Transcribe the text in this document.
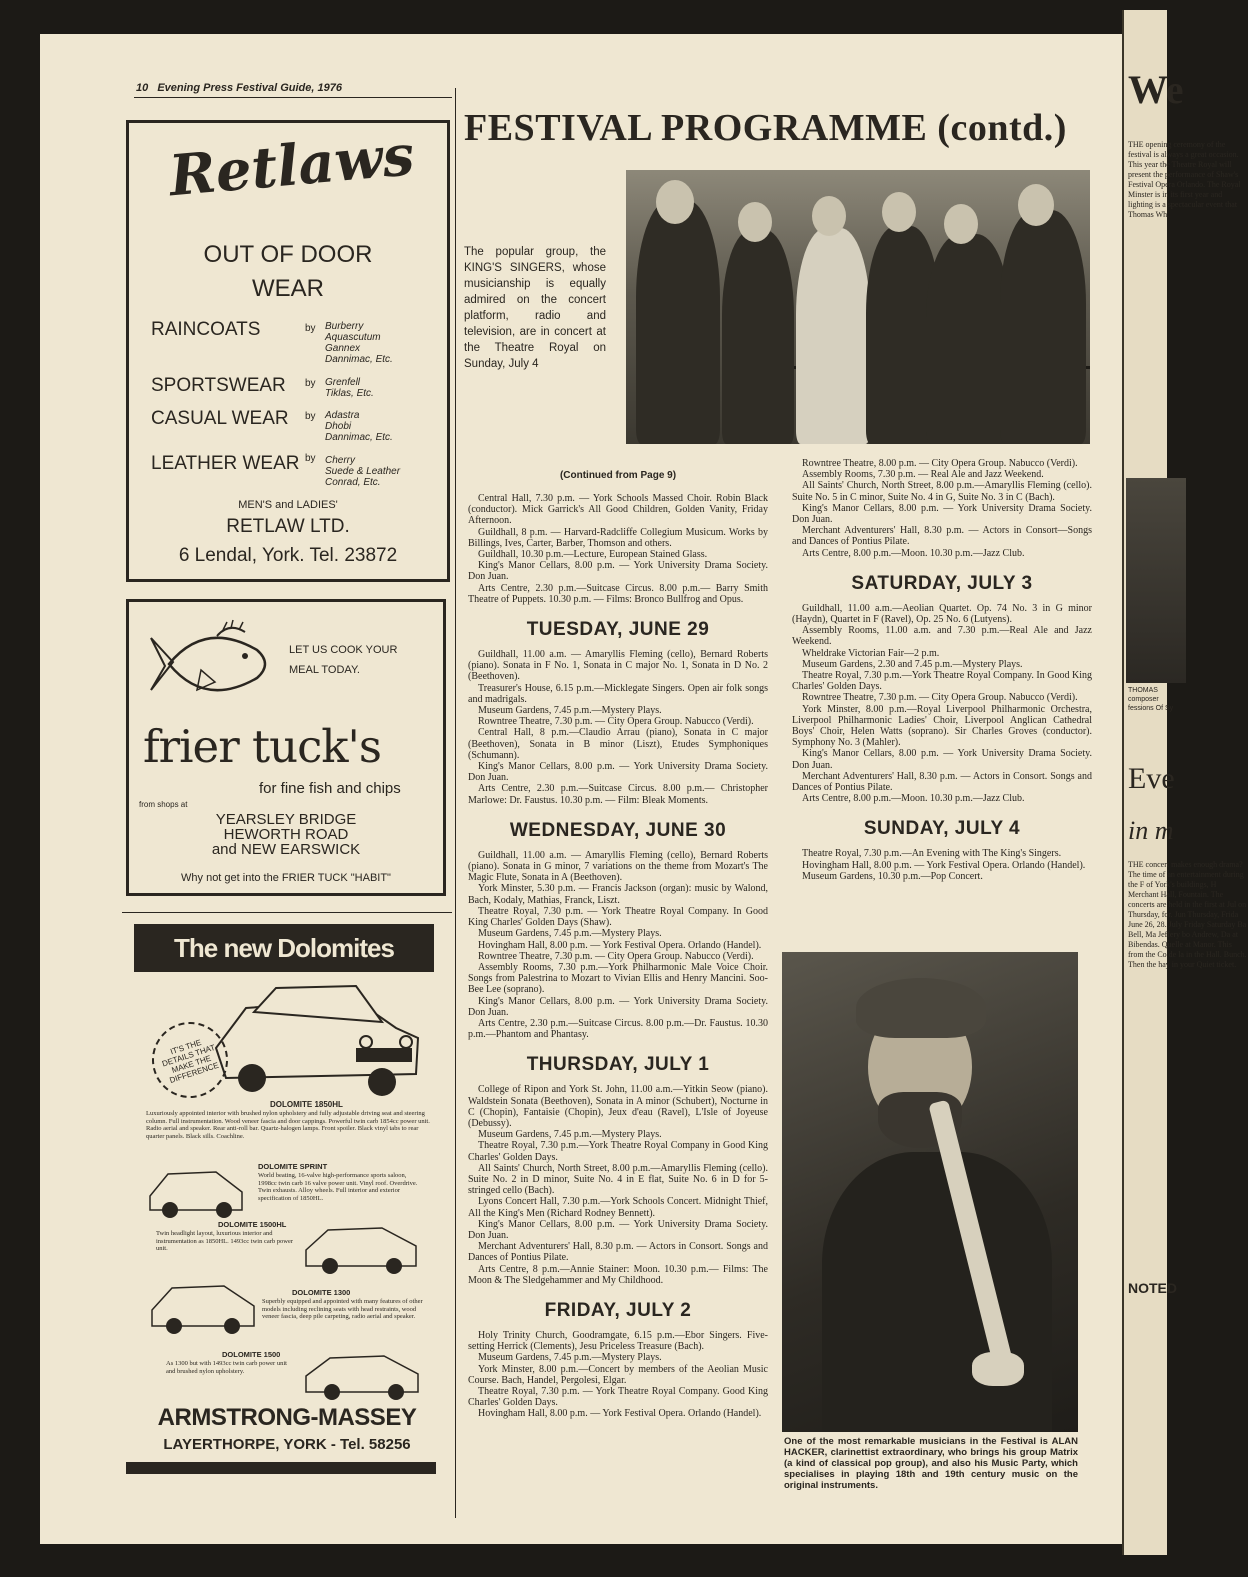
10 Evening Press Festival Guide, 1976
FESTIVAL PROGRAMME (contd.)
Retlaws
OUT OF DOOR
WEAR
RAINCOATS	by Burberry
Aquascutum
Gannex
Dannimac, Etc.
SPORTSWEAR by Grenfell
Tiklas, Etc.
CASUAL WEAR by Adastra
Dhobi
Dannimac, Etc.
LEATHER WEAR by Cherry
Suede & Leather
Conrad, Etc.
MEN'S and LADIES'
RETLAW LTD.
6 Lendal, York. Tel. 23872
LET US COOK YOUR
MEAL TODAY.
frier tuck's
for fine fish and chips
from shops at
YEARSLEY BRIDGE
HEWORTH ROAD
and NEW EARSWICK
Why not get into the FRIER TUCK "HABIT"
The new Dolomites
IT'S THE DETAILS THAT MAKE THE DIFFERENCE
DOLOMITE 1850HL
Luxuriously appointed interior with brushed nylon upholstery and fully adjustable driving seat and steering column. Full instrumentation. Wood veneer fascia and door cappings. Powerful twin carb 1854cc power unit. Radio aerial and speaker. Rear anti-roll bar. Quartz-halogen lamps. Front spoiler. Black vinyl tabs to rear quarter panels. Black sills. Coachline.
DOLOMITE SPRINT
World beating, 16-valve high-performance sports saloon, 1998cc twin carb 16 valve power unit. Vinyl roof. Overdrive. Twin exhausts. Alloy wheels. Full interior and exterior specification of 1850HL.
DOLOMITE 1500HL
Twin headlight layout, luxurious interior and instrumentation as 1850HL. 1493cc twin carb power unit.
DOLOMITE 1300
Superbly equipped and appointed with many features of other models including reclining seats with head restraints, wood veneer fascia, deep pile carpeting, radio aerial and speaker.
DOLOMITE 1500
As 1300 but with 1493cc twin carb power unit and brushed nylon upholstery.
ARMSTRONG-MASSEY
LAYERTHORPE, YORK - Tel. 58256
The popular group, the KING'S SINGERS, whose musicianship is equally admired on the concert platform, radio and television, are in concert at the Theatre Royal on Sunday, July 4
(Continued from Page 9)

Central Hall, 7.30 p.m. — York Schools Massed Choir. Robin Black (conductor). Mick Garrick's All Good Children, Golden Vanity, Friday Afternoon.

Guildhall, 8 p.m. — Harvard-Radcliffe Collegium Musicum. Works by Billings, Ives, Carter, Barber, Thomson and others.

Guildhall, 10.30 p.m.—Lecture, European Stained Glass.

King's Manor Cellars, 8.00 p.m. — York University Drama Society. Don Juan.

Arts Centre, 2.30 p.m.—Suitcase Circus. 8.00 p.m.— Barry Smith Theatre of Puppets. 10.30 p.m. — Films: Bronco Bullfrog and Opus.

TUESDAY, JUNE 29

Guildhall, 11.00 a.m. — Amaryllis Fleming (cello), Bernard Roberts (piano). Sonata in F No. 1, Sonata in C major No. 1, Sonata in D No. 2 (Beethoven).

Treasurer's House, 6.15 p.m.—Micklegate Singers. Open air folk songs and madrigals.

Museum Gardens, 7.45 p.m.—Mystery Plays.

Rowntree Theatre, 7.30 p.m. — City Opera Group. Nabucco (Verdi).

Central Hall, 8 p.m.—Claudio Arrau (piano), Sonata in C major (Beethoven), Sonata in B minor (Liszt), Etudes Symphoniques (Schumann).

King's Manor Cellars, 8.00 p.m. — York University Drama Society. Don Juan.

Arts Centre, 2.30 p.m.—Suitcase Circus. 8.00 p.m.— Christopher Marlowe: Dr. Faustus. 10.30 p.m. — Film: Bleak Moments.

WEDNESDAY, JUNE 30

Guildhall, 11.00 a.m. — Amaryllis Fleming (cello), Bernard Roberts (piano). Sonata in G minor, 7 variations on the theme from Mozart's The Magic Flute, Sonata in A (Beethoven).

York Minster, 5.30 p.m. — Francis Jackson (organ): music by Walond, Bach, Kodaly, Mathias, Franck, Liszt.

Theatre Royal, 7.30 p.m. — York Theatre Royal Company. In Good King Charles' Golden Days (Shaw).

Museum Gardens, 7.45 p.m.—Mystery Plays.

Hovingham Hall, 8.00 p.m. — York Festival Opera. Orlando (Handel).

Rowntree Theatre, 7.30 p.m. — City Opera Group. Nabucco (Verdi).

Assembly Rooms, 7.30 p.m.—York Philharmonic Male Voice Choir. Songs from Palestrina to Mozart to Vivian Ellis and Henry Mancini. Soo-Bee Lee (soprano).

King's Manor Cellars, 8.00 p.m. — York University Drama Society. Don Juan.

Arts Centre, 2.30 p.m.—Suitcase Circus. 8.00 p.m.—Dr. Faustus. 10.30 p.m.—Phantom and Phantasy.

THURSDAY, JULY 1

College of Ripon and York St. John, 11.00 a.m.—Yitkin Seow (piano). Waldstein Sonata (Beethoven), Sonata in A minor (Schubert), Nocturne in C (Chopin), Fantaisie (Chopin), Jeux d'eau (Ravel), L'Isle of Joyeuse (Debussy).

Museum Gardens, 7.45 p.m.—Mystery Plays.

Theatre Royal, 7.30 p.m.—York Theatre Royal Company in Good King Charles' Golden Days.

All Saints' Church, North Street, 8.00 p.m.—Amaryllis Fleming (cello). Suite No. 2 in D minor, Suite No. 4 in E flat, Suite No. 6 in D for 5-stringed cello (Bach).

Lyons Concert Hall, 7.30 p.m.—York Schools Concert. Midnight Thief, All the King's Men (Richard Rodney Bennett).

King's Manor Cellars, 8.00 p.m. — York University Drama Society. Don Juan.

Merchant Adventurers' Hall, 8.30 p.m. — Actors in Consort. Songs and Dances of Pontius Pilate.

Arts Centre, 8 p.m.—Annie Stainer: Moon. 10.30 p.m.— Films: The Moon & The Sledgehammer and My Childhood.

FRIDAY, JULY 2

Holy Trinity Church, Goodramgate, 6.15 p.m.—Ebor Singers. Five-setting Herrick (Clements), Jesu Priceless Treasure (Bach).

Museum Gardens, 7.45 p.m.—Mystery Plays.

York Minster, 8.00 p.m.—Concert by members of the Aeolian Music Course. Bach, Handel, Pergolesi, Elgar.

Theatre Royal, 7.30 p.m. — York Theatre Royal Company. Good King Charles' Golden Days.

Hovingham Hall, 8.00 p.m. — York Festival Opera. Orlando (Handel).

Rowntree Theatre, 8.00 p.m. — City Opera Group. Nabucco (Verdi).

Assembly Rooms, 7.30 p.m. — Real Ale and Jazz Weekend.

All Saints' Church, North Street, 8.00 p.m.—Amaryllis Fleming (cello). Suite No. 5 in C minor, Suite No. 4 in G, Suite No. 3 in C (Bach).

King's Manor Cellars, 8.00 p.m. — York University Drama Society. Don Juan.

Merchant Adventurers' Hall, 8.30 p.m. — Actors in Consort—Songs and Dances of Pontius Pilate.

Arts Centre, 8.00 p.m.—Moon. 10.30 p.m.—Jazz Club.

SATURDAY, JULY 3

Guildhall, 11.00 a.m.—Aeolian Quartet. Op. 74 No. 3 in G minor (Haydn), Quartet in F (Ravel), Op. 25 No. 6 (Lutyens).

Assembly Rooms, 11.00 a.m. and 7.30 p.m.—Real Ale and Jazz Weekend.

Wheldrake Victorian Fair—2 p.m.

Museum Gardens, 2.30 and 7.45 p.m.—Mystery Plays.

Theatre Royal, 7.30 p.m.—York Theatre Royal Company. In Good King Charles' Golden Days.

Rowntree Theatre, 7.30 p.m. — City Opera Group. Nabucco (Verdi).

York Minster, 8.00 p.m.—Royal Liverpool Philharmonic Orchestra, Liverpool Philharmonic Ladies' Choir, Liverpool Anglican Cathedral Boys' Choir, Helen Watts (soprano). Sir Charles Groves (conductor). Symphony No. 3 (Mahler).

King's Manor Cellars, 8.00 p.m. — York University Drama Society. Don Juan.

Merchant Adventurers' Hall, 8.30 p.m. — Actors in Consort. Songs and Dances of Pontius Pilate.

Arts Centre, 8.00 p.m.—Moon. 10.30 p.m.—Jazz Club.

SUNDAY, JULY 4

Theatre Royal, 7.30 p.m.—An Evening with The King's Singers.

Hovingham Hall, 8.00 p.m. — York Festival Opera. Orlando (Handel).

Museum Gardens, 10.30 p.m.—Pop Concert.

One of the most remarkable musicians in the Festival is ALAN HACKER, clarinettist extraordinary, who brings his group Matrix (a kind of classical pop group), and also his Music Party, which specialises in playing 18th and 19th century music on the original instruments.
We
THE opening ceremony of the festival is always a great occasion. This year the Theatre Royal will present the performance of Shaw's Festival Opera Orlando. The Royal Minster is in its first year and lighting is a spectacular event that Thomas Wh.
THOMAS composer fessions Of Sy
Eve
in m
THE concert makes enough drama? The time of an entertainment during the F of York's buildings, H Merchant Hall, Fountain. The concerts are held in the first at Jul on Thursday, for. Jun Thursday, Frida June 26, 28. July Friday Saturday Ba Bell, Ma Jeffery bo Andrew, Da at Bibendas. Quelle at Manor. This from the Co de la in the Hall. Bunch. Then the hay in your Quiet ticket.
NOTED
